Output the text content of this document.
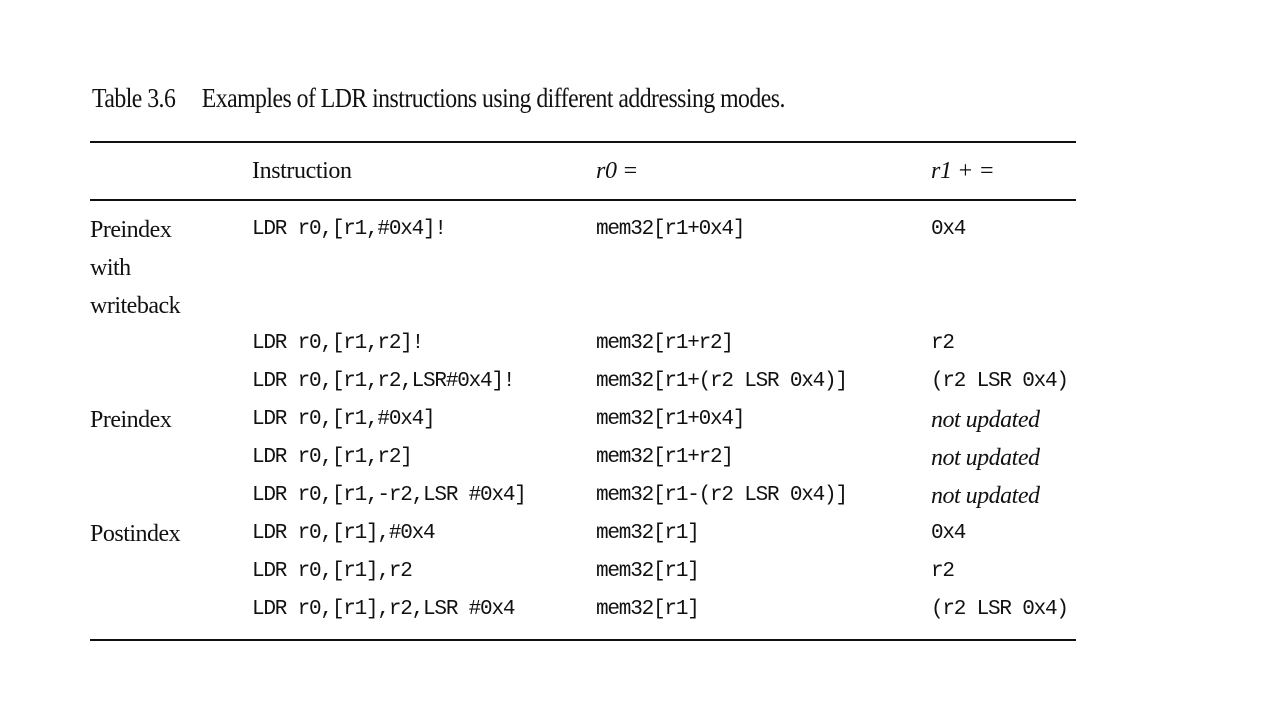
Table 3.6 Examples of LDR instructions using different addressing modes.
	Instruction	r0 =	r1 + =

Preindex with writeback	LDR r0,[r1,#0x4]!	mem32[r1+0x4]	0x4

	LDR r0,[r1,r2]!	mem32[r1+r2]	r2

	LDR r0,[r1,r2,LSR#0x4]!	mem32[r1+(r2 LSR 0x4)]	(r2 LSR 0x4)

Preindex	LDR r0,[r1,#0x4]	mem32[r1+0x4]	not updated

	LDR r0,[r1,r2]	mem32[r1+r2]	not updated

	LDR r0,[r1,-r2,LSR #0x4]	mem32[r1-(r2 LSR 0x4)]	not updated

Postindex	LDR r0,[r1],#0x4	mem32[r1]	0x4

	LDR r0,[r1],r2	mem32[r1]	r2

	LDR r0,[r1],r2,LSR #0x4	mem32[r1]	(r2 LSR 0x4)
